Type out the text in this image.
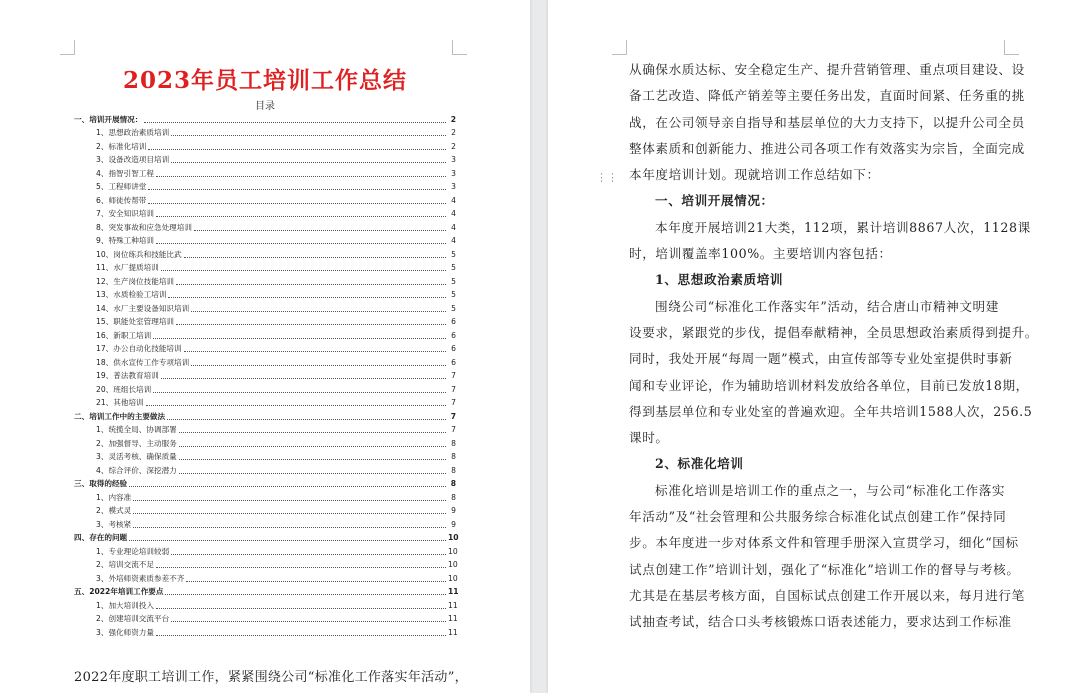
2023年员工培训工作总结
目录
一、 培训开展情况：	2
1、 思想政治素质培训	2
2、 标准化培训	2
3、 设备改造项目培训	3
4、 指智引智工程	3
5、 工程师讲堂	3
6、 师徒传帮带	4
7、 安全知识培训	4
8、 突发事故和应急处理培训	4
9、 特殊工种培训	4
10、 岗位练兵和技能比武	5
11、 水厂提质培训	5
12、 生产岗位技能培训	5
13、 水质检验工培训	5
14、 水厂主要设备知识培训	5
15、 职能处室管理培训	6
16、 新职工培训	6
17、 办公自动化技能培训	6
18、 供水宣传工作专项培训	6
19、 普法教育培训	7
20、 班组长培训	7
21、 其他培训	7
二、 培训工作中的主要做法	7
1、 统揽全局、协调部署	7
2、 加强督导、主动服务	8
3、 灵活考核、确保质量	8
4、 综合评价、深挖潜力	8
三、 取得的经验	8
1、 内容准	8
2、 模式灵	9
3、 考核紧	9
四、 存在的问题	10
1、 专业理论培训较弱	10
2、 培训交流不足	10
3、 外培师资素质参差不齐	10
五、 2022年培训工作要点	11
1、 加大培训投入	11
2、 创建培训交流平台	11
3、 强化师资力量	11
2022年度职工培训工作，紧紧围绕公司“标准化工作落实年活动”，
从确保水质达标、安全稳定生产、提升营销管理、重点项目建设、设
备工艺改造、降低产销差等主要任务出发，直面时间紧、任务重的挑
战，在公司领导亲自指导和基层单位的大力支持下，以提升公司全员
整体素质和创新能力、推进公司各项工作有效落实为宗旨，全面完成
本年度培训计划。现就培训工作总结如下：
一、培训开展情况：
本年度开展培训21大类，112项，累计培训8867人次，1128课
时，培训覆盖率100%。主要培训内容包括：
1、思想政治素质培训
围绕公司“标准化工作落实年”活动，结合唐山市精神文明建
设要求，紧跟党的步伐，提倡奉献精神，全员思想政治素质得到提升。
同时，我处开展“每周一题”模式，由宣传部等专业处室提供时事新
闻和专业评论，作为辅助培训材料发放给各单位，目前已发放18期，
得到基层单位和专业处室的普遍欢迎。全年共培训1588人次，256.5
课时。
2、标准化培训
标准化培训是培训工作的重点之一，与公司“标准化工作落实
年活动”及“社会管理和公共服务综合标准化试点创建工作”保持同
步。本年度进一步对体系文件和管理手册深入宣贯学习，细化“国标
试点创建工作”培训计划，强化了“标准化”培训工作的督导与考核。
尤其是在基层考核方面，自国标试点创建工作开展以来，每月进行笔
试抽查考试，结合口头考核锻炼口语表述能力，要求达到工作标准
⋮⋮
